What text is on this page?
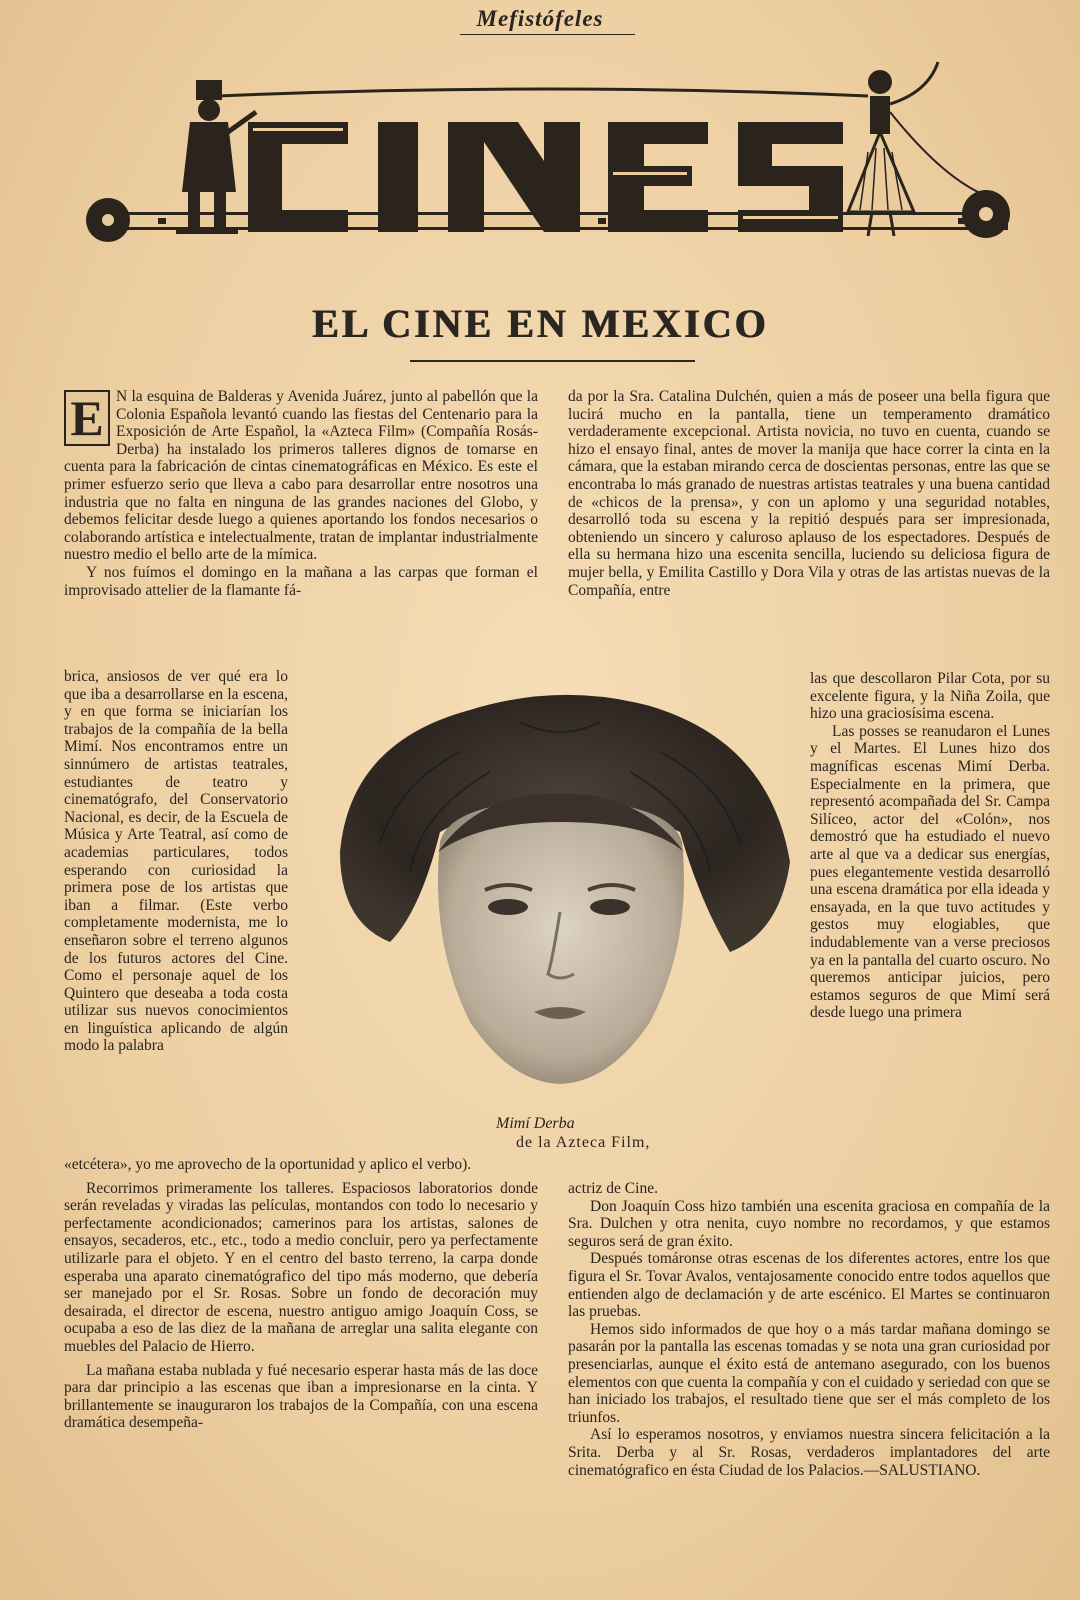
Mefistófeles
EL CINE EN MEXICO
E N la esquina de Balderas y Avenida Juárez, junto al pabellón que la Colonia Española levantó cuando las fiestas del Centenario para la Exposición de Arte Español, la «Azteca Film» (Compañía Rosás-Derba) ha instalado los primeros talleres dignos de tomarse en cuenta para la fabricación de cintas cinematográficas en México. Es este el primer esfuerzo serio que lleva a cabo para desarrollar entre nosotros una industria que no falta en ninguna de las grandes naciones del Globo, y debemos felicitar desde luego a quienes aportando los fondos necesarios o colaborando artística e intelectualmente, tratan de implantar industrialmente nuestro medio el bello arte de la mímica.

Y nos fuímos el domingo en la mañana a las carpas que forman el improvisado attelier de la flamante fá-

brica, ansiosos de ver qué era lo que iba a desarrollarse en la escena, y en que forma se iniciarían los trabajos de la compañía de la bella Mimí. Nos encontramos entre un sinnúmero de artistas teatrales, estudiantes de teatro y cinematógrafo, del Conservatorio Nacional, es decir, de la Escuela de Música y Arte Teatral, así como de academias particulares, todos esperando con curiosidad la primera pose de los artistas que iban a filmar. (Este verbo completamente modernista, me lo enseñaron sobre el terreno algunos de los futuros actores del Cine. Como el personaje aquel de los Quintero que deseaba a toda costa utilizar sus nuevos conocimientos en linguística aplicando de algún modo la palabra

«etcétera», yo me aprovecho de la oportunidad y aplico el verbo).

Recorrimos primeramente los talleres. Espaciosos laboratorios donde serán reveladas y viradas las películas, montandos con todo lo necesario y perfectamente acondicionados; camerinos para los artistas, salones de ensayos, secaderos, etc., etc., todo a medio concluir, pero ya perfectamente utilizarle para el objeto. Y en el centro del basto terreno, la carpa donde esperaba una aparato cinematógrafico del tipo más moderno, que debería ser manejado por el Sr. Rosas. Sobre un fondo de decoración muy desairada, el director de escena, nuestro antiguo amigo Joaquín Coss, se ocupaba a eso de las diez de la mañana de arreglar una salita elegante con muebles del Palacio de Hierro.

La mañana estaba nublada y fué necesario esperar hasta más de las doce para dar principio a las escenas que iban a impresionarse en la cinta. Y brillantemente se inauguraron los trabajos de la Compañía, con una escena dramática desempeña-

da por la Sra. Catalina Dulchén, quien a más de poseer una bella figura que lucirá mucho en la pantalla, tiene un temperamento dramático verdaderamente excepcional. Artista novicia, no tuvo en cuenta, cuando se hizo el ensayo final, antes de mover la manija que hace correr la cinta en la cámara, que la estaban mirando cerca de doscientas personas, entre las que se encontraba lo más granado de nuestras artistas teatrales y una buena cantidad de «chicos de la prensa», y con un aplomo y una seguridad notables, desarrolló toda su escena y la repitió después para ser impresionada, obteniendo un sincero y caluroso aplauso de los espectadores. Después de ella su hermana hizo una escenita sencilla, luciendo su deliciosa figura de mujer bella, y Emilita Castillo y Dora Vila y otras de las artistas nuevas de la Compañía, entre

las que descollaron Pilar Cota, por su excelente figura, y la Niña Zoila, que hizo una graciosísima escena.

Las posses se reanudaron el Lunes y el Martes. El Lunes hizo dos magníficas escenas Mimí Derba. Especialmente en la primera, que representó acompañada del Sr. Campa Silíceo, actor del «Colón», nos demostró que ha estudiado el nuevo arte al que va a dedicar sus energías, pues elegantemente vestida desarrolló una escena dramática por ella ideada y ensayada, en la que tuvo actitudes y gestos muy elogiables, que indudablemente van a verse preciosos ya en la pantalla del cuarto oscuro. No queremos anticipar juicios, pero estamos seguros de que Mimí será desde luego una primera

actriz de Cine.

Don Joaquín Coss hizo también una escenita graciosa en compañía de la Sra. Dulchen y otra nenita, cuyo nombre no recordamos, y que estamos seguros será de gran éxito.

Después tomáronse otras escenas de los diferentes actores, entre los que figura el Sr. Tovar Avalos, ventajosamente conocido entre todos aquellos que entienden algo de declamación y de arte escénico. El Martes se continuaron las pruebas.

Hemos sido informados de que hoy o a más tardar mañana domingo se pasarán por la pantalla las escenas tomadas y se nota una gran curiosidad por presenciarlas, aunque el éxito está de antemano asegurado, con los buenos elementos con que cuenta la compañía y con el cuidado y seriedad con que se han iniciado los trabajos, el resultado tiene que ser el más completo de los triunfos.

Así lo esperamos nosotros, y enviamos nuestra sincera felicitación a la Srita. Derba y al Sr. Rosas, verdaderos implantadores del arte cinematógrafico en ésta Ciudad de los Palacios.—SALUSTIANO.

Mimí Derba
de la Azteca Film,
